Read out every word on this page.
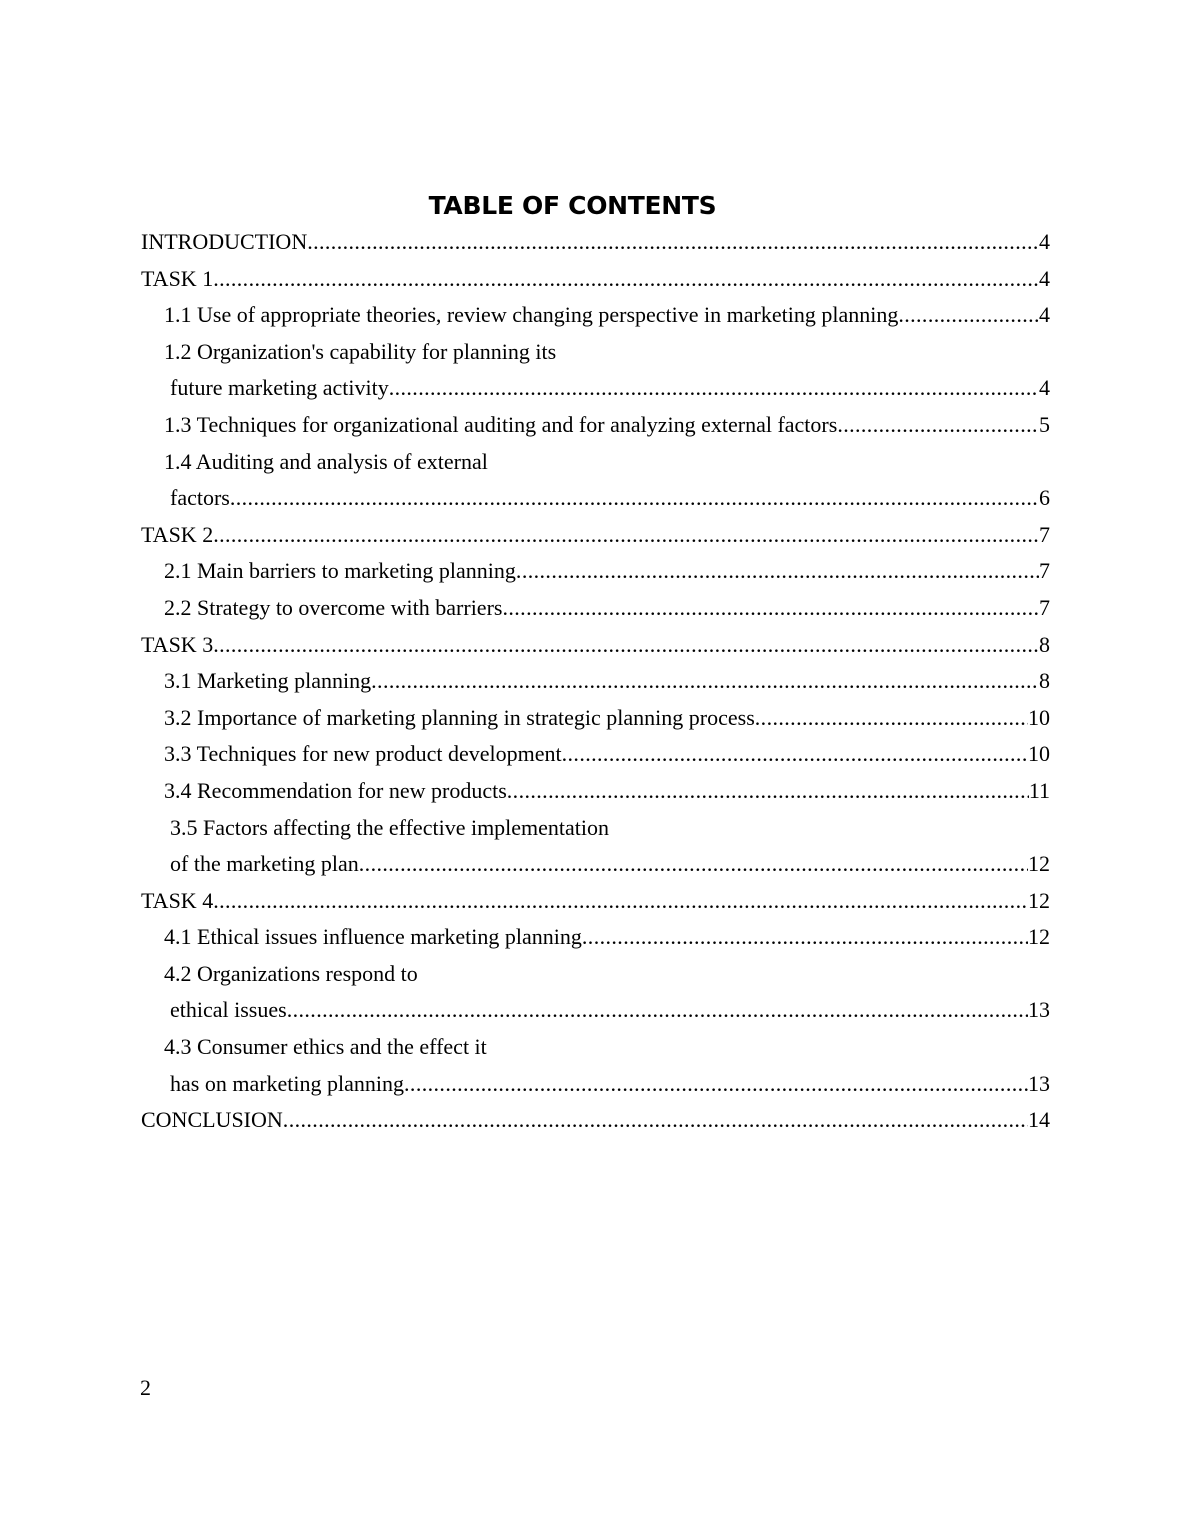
TABLE OF CONTENTS
INTRODUCTION .....	4
TASK 1 .....	4
1.1 Use of appropriate theories, review changing perspective in marketing planning .....	4
1.2 Organization's capability for planning its
future marketing activity .....	4
1.3 Techniques for organizational auditing and for analyzing external factors .....	5
1.4 Auditing and analysis of external
factors .....	6
TASK 2 .....	7
2.1 Main barriers to marketing planning .....	7
2.2 Strategy to overcome with barriers .....	7
TASK 3 .....	8
3.1 Marketing planning .....	8
3.2 Importance of marketing planning in strategic planning process .....	10
3.3 Techniques for new product development .....	10
3.4 Recommendation for new products .....	11
3.5 Factors affecting the effective implementation
of the marketing plan .....	12
TASK 4 .....	12
4.1 Ethical issues influence marketing planning .....	12
4.2 Organizations respond to
ethical issues .....	13
4.3 Consumer ethics and the effect it
has on marketing planning .....	13
CONCLUSION .....	14
2
